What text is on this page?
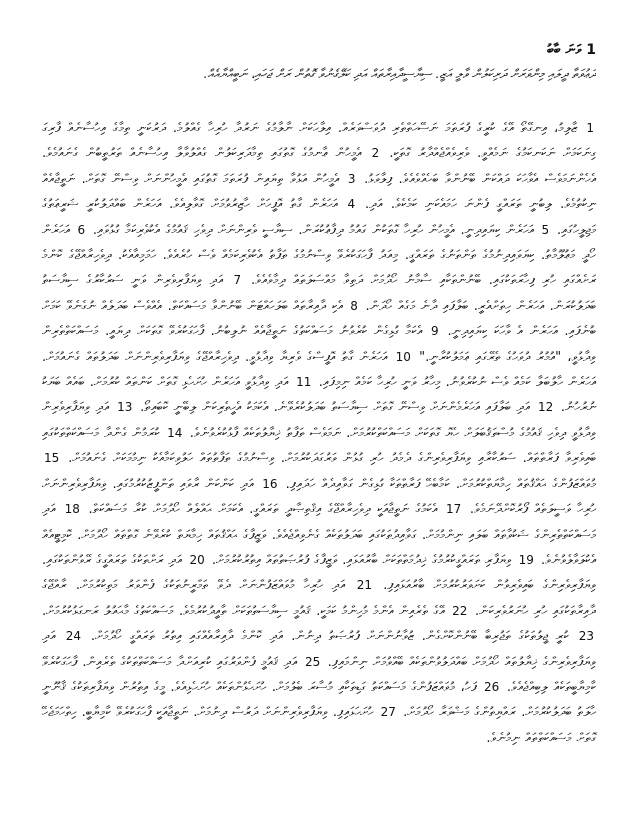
1 ވަނަ ބާބު
ދަޢުވަތާ ދީލައި މިންވަރަށް ދަރިކަލުން ވާލީ އަޒީ. ސިޔާސީދާއިރާތައް އަދި ކަލޭގެނުވާ ގޮތުން ރަށް ޖަހައި، ނަބީއްޔާއެއް.
1 ޒާލިމު، އިނގޭތޯ އޭގެ ކުރީގެ ފުރަތަމަ ނަސޭހަތްތެރި ދުވަސްވަރެއް. އިލާހަކަށް ނާލާމުގެ ނަރުދާ ހުރިހާ ގެއްލުމެ. ދަރުކަނީ ތިމާގެ އިހުސާނެއް ފާރިގަ ގިނަކަމަށް ނަކަނކަމުގެ ނަމެއްވީ. ވެރިވެއްޖެއްދާރު ގޮތަކީ. 2 އެމީހުން ޢާނމުގެ ގޮތުގައި ތިމާދަރިކަލުން ގެއްލުވާލާ އިހުސާނެއް ތަރުތީބުން ގެނައުމެވެ. އެހެންނަމަވެސް އެވާހަކަ ދައްކަން ބޭނުންވާ ބަހެއްވެއެވެ. ފިލާވަޅު. 3 އެމީހުން އަޅުވާ ތިޔައިން ފުރަތަމަ ގޮތުގައި އެމީހުންނަށް ވިސްނޭ ގޮތަށް. ނަތީޖާއެއް ނިކުތުމެވެ. ލިބުނީ ތަރައްގީ ފެންނަ ހަމައެކަނި ކަމެކެވެ. އަދި. 4 އަހަރެން ގާތު އޮފީހަށް ހާޒިރުވުމަށް ގޮވާލިއެވެ. އަހަރެން ބައްދަލުކުރީ ޝަރީޢަތުގެ މަޖިލީހުގައި. 5 އަހަރެން ކިޔައިދިނީ. އެމީހުން ހުރިހާ ގޮތަކުން ގައުމު ދިފާޢުކުރަން. ސިޔާސީ ވެރިންނަށް ދިވެހި ޤައުމުގެ އެކުވެރިކަމާ ގުޅުވައި. 6 އަހަރެން ހޯދީ މަޢުލޫމާތު. ކިޔަވައިދިނުމުގެ ތަންތަނުގެ ތަރައްގީ. މިއަދު ފާހަގަކުރެވޭ ވިސްނުމުގެ ތަފާތު އެކުވެރިކަމެއް ވެސް ހުރެއެވެ. ހަމަމިއާއެކު. ދިވެހިރާއްޖޭގެ ކޮންމެ ރަށެއްގައި ހުރި ފިހާރަތަކުގައި. ބޭނުންތަކާއި ސާމާނު ހޯދުމަށް ދަތިވާ މައްސަލަތައް ދިމާވެއެވެ. 7 އަދި ވިޔަފާރިވެރިން ވަނީ ސަރުކާރުގެ ސިޔާސަތު ބަދަލުކުރަން. އަހަރެން ހިތަށްއެރީ. ބަލާފައި ދާނެ މަގެއް ހޯދަން. 8 އެކި ދާއިރާތައް ބަލަހައްޓަން ބޭނުންވާ މަސައްކަތް. އެއްވެސް ބަދަލެއް ނުގެނެވޭ ކަމަށް ބުނެފައި. އަހަރެން އެ ވާހަކަ ކިޔައިދިނީ. 9 އެކަމާ ގުޅިގެން ކުރެވުނު މަސައްކަތުގެ ނަތީޖާއެއް ނުލިބުނު. ފާހަގަކުރެވޭ ގޮތަކަށް ދިޔައީ. މަސައްކަތްތެރިން ވިދާޅުވީ، "އުމުރު ދުވަހުގެ ތެރޭގައި ޢަމަލުކުރާނީ." 10 އަހަރެން ގާތު އޮފީސްގެ ވެރިޔާ ވިދާޅުވީ. ދިވެހިރާއްޖޭގެ ވިޔަފާރިވެރިންނަށް ބަދަލުތައް ގެނައުމަށް. އަހަރެން ހާލުބަލާ ކަމެއް ވެސް ނުކުރެވުނު. މިހާރު ވަނީ ހުރިހާ ކަމެއް ނިމިފައި. 11 އަދި ވިދާޅުވީ އަހަރެން ހުށަހެޅި ގޮތަށް ކަންތައް ކުރުމަށް. ބައެއް ބަޔަކު ނުރުހުނު. 12 އަދި ބަލާފައި އަހަރެމެންނަށް ވިސްނޭ ގޮތަށް ސިޔާސަތު ބަދަލުކުރެވޭނެ. އެކަމަކު އެހީތެރިކަން ލިބޭނީ ކޮބައިތޯ. 13 އަދި ވިޔަފާރިވެރިން ވިދާޅުވީ ދިވެހި ޤައުމުގެ މުސްތަޤުބަލަށް ހެޔޮ ގޮތަކަށް މަސައްކަތްކުރުމަށް. ނަމަވެސް ތަފާތު ޚިޔާލުތަކެއް ފާޅުކުރެވުނެވެ. 14 ކުރަމުން ގެންދާ މަސައްކަތްތަކުގައި ބައިވެރިވާ ފަރާތްތައް. ސަރުކާރާއި ވިޔަފާރިވެރިންގެ ދެމެދު ހުރި ގުޅުން ވަރުގަދަކުރުމަށް. ވިސްނުމުގެ ތަފާތުތައް ހަލުވިކަމާއެކު ނިމުމަކަށް ގެނައުމަށް. 15 މުވައްޒަފުންގެ ޙައްޤުތައް ހިމާޔަތްކުރުމަށް. ކަމާބެހޭ ފަރާތްތަކާ ގުޅިގެން ގަވާއިދެއް ހަދައިފި. 16 އަދި ކަންކަން ރާވައި ތަންފީޒުކުރުމުގައި. ވިޔަފާރިވެރިންނަށް ހުރިހާ ވަސީލަތެއް ފޯރުކޮށްދޭނަމެވެ. 17 އެކަމުގެ ނަތީޖާއަކީ ދިވެހިރާއްޖޭގެ އިޤްތިޞާދީ ތަރައްގީ. އެކަމަށް ޙައްލެއް ހޯދުމަށް ކުރާ މަސައްކަތް. 18 އަދި މަސައްކަތްތެރިންގެ ޝަކުވާތައް ބަލައި ނިންމުމަށް. ގަވާއިދުތަކުގައި ބަދަލުތަކެއް ގެނެވިއްޖެއެވެ. ވަޒީފާގެ ޙައްޤުތައް ހިމާޔަތް ކުރެވޭނެ ގޮތްތައް ހޯދުމަށް. ކޮމިޓީއެއް އެކުލަވާލެވުނެވެ. 19 ވިޔަފާރި ތަރައްގީކުރުމުގެ ޚިދުމަތްތަކަށް ބާރުއަޅައި. ވަޒީފާގެ ފުރުޞަތުތައް އިތުރުކުރުމަށް. 20 އަދި ރަށްތަކުގެ ތަރައްގީގެ ރޭވުންތަކުގައި. ވިޔަފާރިވެރިންގެ ބައިވެރިވުން ކަށަވަރުކުރުމަށް ބާރުއަޅައިފި. 21 އަދި ހުރިހާ މުވައްޒަފުންނަށް ދެވޭ ތަމްރީނުތަކުގެ ފެންވަރު މަތިކުރުމަށް. ރާއްޖޭގެ ދާއިރާތަކުގައި ހުރި ހުނަރުވެރިކަން. 22 އޭގެ ތެރެއިން އެންމެ މުހިންމު ކަމަކީ. ޤައުމީ ސިޔާސަތުތަކަށް ތާއީދުކުރުމެވެ. މަސައްކަތުގެ މާޙައުލު ރަނގަޅުކުރުމަށް. 23 ކުރީ ޖީލުތަކުގެ ތަޖުރިބާ ބޭނުންކޮށްގެން. ޒުވާނުންނަށް ފުރުޞަތު ދިނުން. އަދި ކޮންމެ ދާއިރާއެއްގައި އިތުރު ތަރައްގީ ހޯދުމަށް. 24 އަދި ވިޔަފާރިވެރިންގެ ޚިޔާލުތައް ހޯދުމަށް ބައްދަލުވުންތަކެއް ބޭއްވުމަށް ނިންމައިފި. 25 އަދި ޤައުމީ ފެންވަރުގައި ކުރިއަށްދާ މަސައްކަތްތަކުގެ ތެރެއިން. ފާހަގަކުރެވޭ ކާމިޔާބީތަކެއް ލިބިއްޖެއެވެ. 26 ފަހު، މުވައްޒަފުންގެ މަސައްކަތު ގަޑިތަކާއި މުސާރަ ބެލުމަށް. ހުށަހެޅުންތަކެއް ހުށަހެޅިއެވެ. މީގެ އިތުރުން ވިޔަފާރިތަކުގެ ޤާނޫނީ ހާލަތު ބަދަލުކުރުމަށް. ރައްޔިތުންގެ މަޝްވަރާ ހޯދުމަށް. 27 ހުށަހަޅައިފި. ވިޔަފާރިވެރިންނަށް ދަރުސް ދިނުމަށް. ނަތީޖާއަކީ ފާހަގަކުރެވޭ ކާމިޔާބީ. ހިތްހަމަޖެހޭ ގޮތަށް މަސައްކަތްތައް ނިމުނެވެ.
